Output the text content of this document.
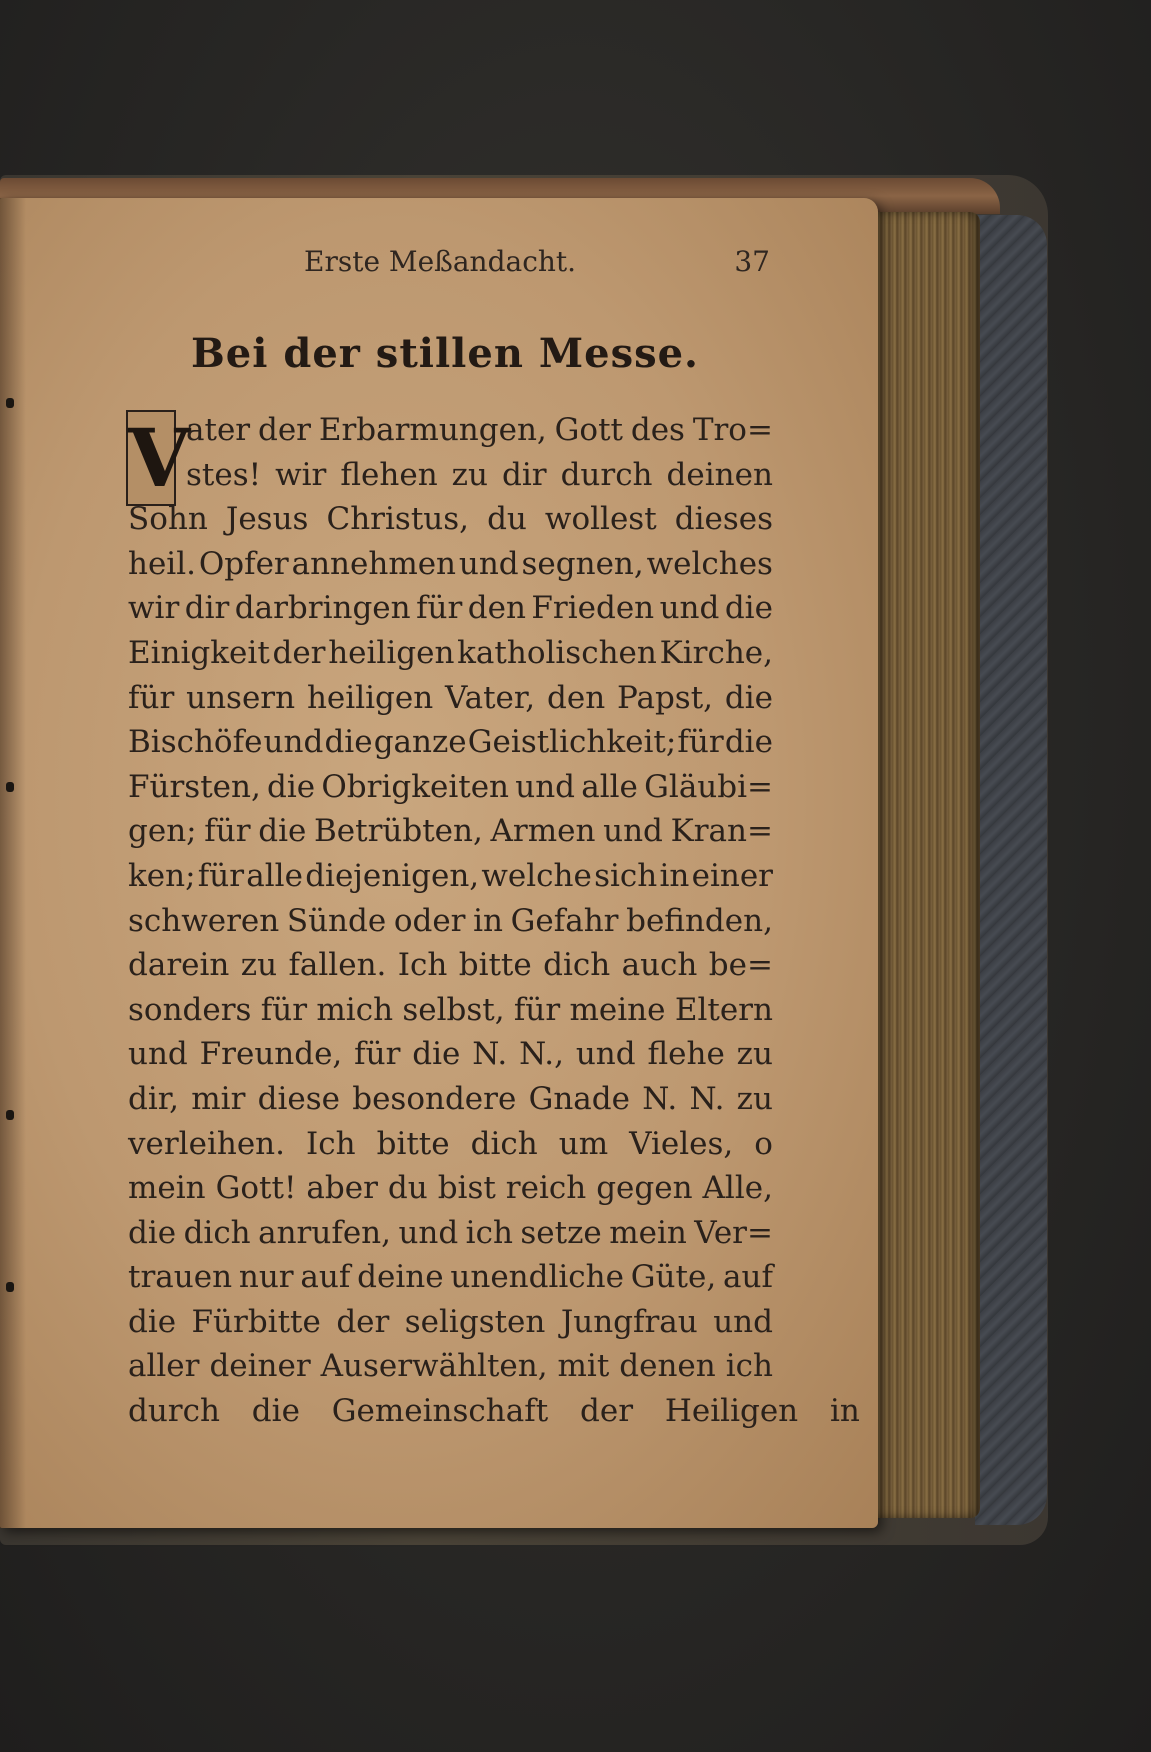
Erste Meßandacht.	37
Bei der stillen Messe.
V
ater der Erbarmungen, Gott des Tro=
stes! wir flehen zu dir durch deinen
Sohn Jesus Christus, du wollest dieses
heil. Opfer annehmen und segnen, welches
wir dir darbringen für den Frieden und die
Einigkeit der heiligen katholischen Kirche,
für unsern heiligen Vater, den Papst, die
Bischöfe und die ganze Geistlichkeit; für die
Fürsten, die Obrigkeiten und alle Gläubi=
gen; für die Betrübten, Armen und Kran=
ken; für alle diejenigen, welche sich in einer
schweren Sünde oder in Gefahr befinden,
darein zu fallen. Ich bitte dich auch be=
sonders für mich selbst, für meine Eltern
und Freunde, für die N. N., und flehe zu
dir, mir diese besondere Gnade N. N. zu
verleihen. Ich bitte dich um Vieles, o
mein Gott! aber du bist reich gegen Alle,
die dich anrufen, und ich setze mein Ver=
trauen nur auf deine unendliche Güte, auf
die Fürbitte der seligsten Jungfrau und
aller deiner Auserwählten, mit denen ich
durch die Gemeinschaft der Heiligen in
